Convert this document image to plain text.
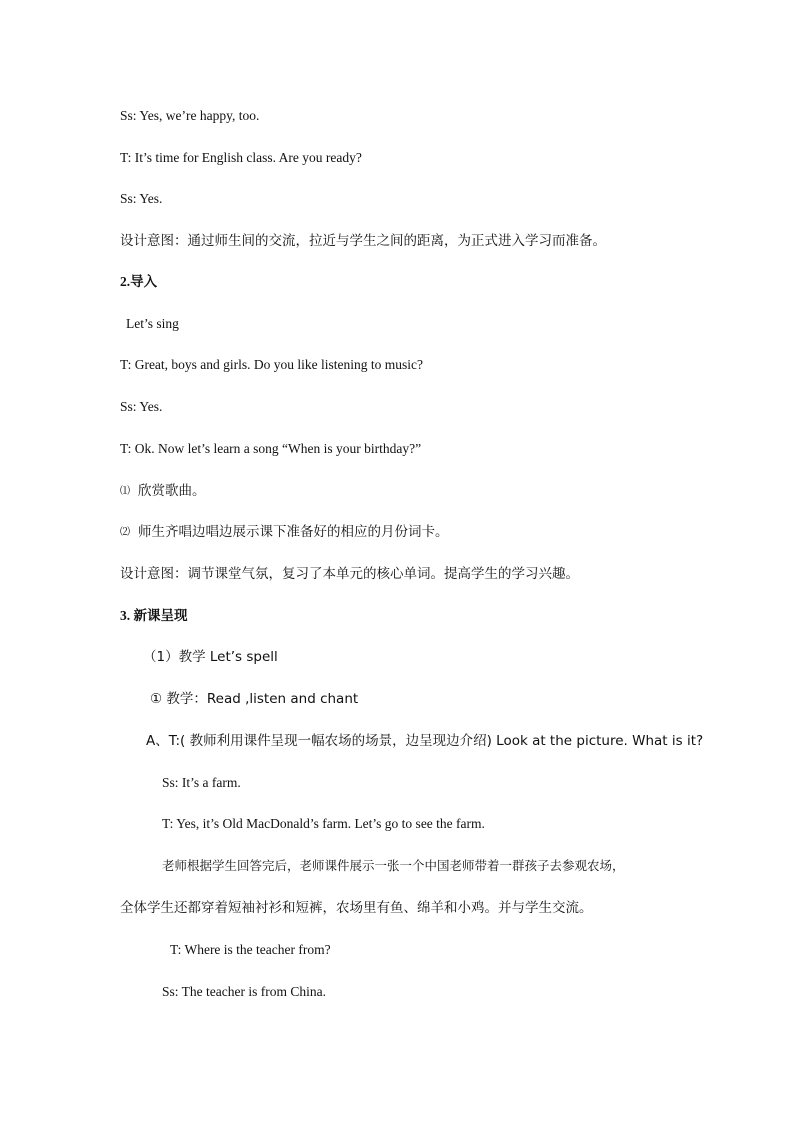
Ss: Yes, we’re happy, too.
T: It’s time for English class. Are you ready?
Ss: Yes.
设计意图：通过师生间的交流，拉近与学生之间的距离，为正式进入学习而准备。
2.导入
Let’s sing
T: Great, boys and girls. Do you like listening to music?
Ss: Yes.
T: Ok. Now let’s learn a song “When is your birthday?”
⑴ 欣赏歌曲。
⑵ 师生齐唱边唱边展示课下准备好的相应的月份词卡。
设计意图：调节课堂气氛，复习了本单元的核心单词。提高学生的学习兴趣。
3. 新课呈现
（1）教学 Let’s spell
① 教学：Read ,listen and chant
A、T:( 教师利用课件呈现一幅农场的场景，边呈现边介绍) Look at the picture. What is it?
Ss: It’s a farm.
T: Yes, it’s Old MacDonald’s farm. Let’s go to see the farm.
老师根据学生回答完后，老师课件展示一张一个中国老师带着一群孩子去参观农场，
全体学生还都穿着短袖衬衫和短裤，农场里有鱼、绵羊和小鸡。并与学生交流。
T: Where is the teacher from?
Ss: The teacher is from China.
